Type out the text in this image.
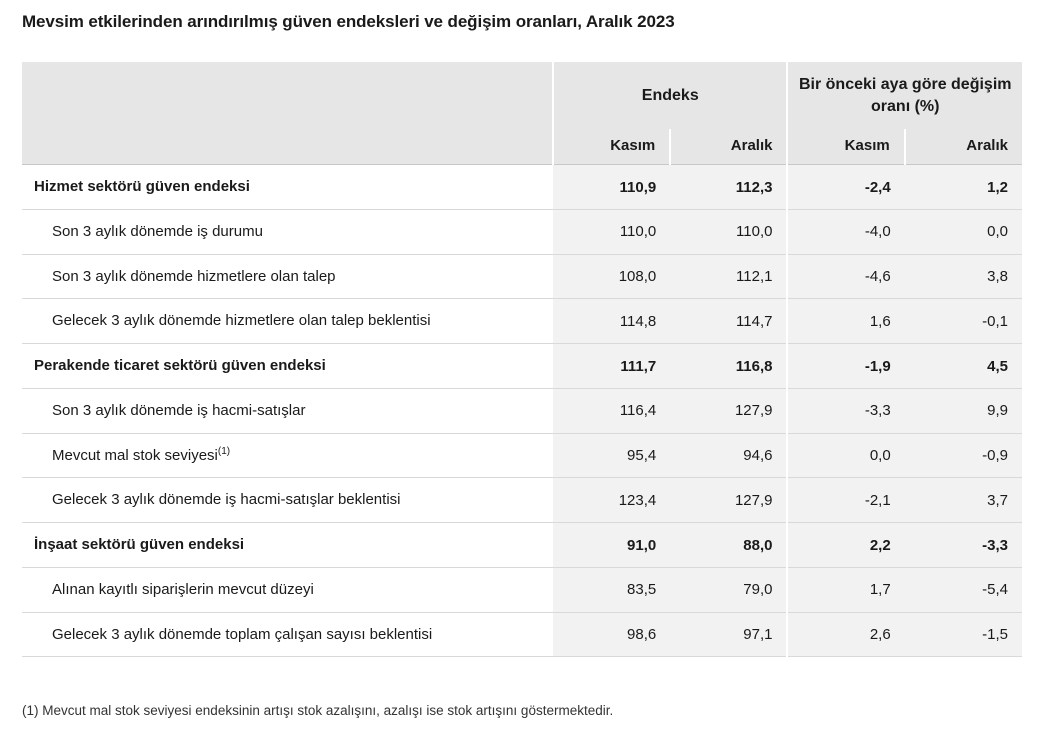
Mevsim etkilerinden arındırılmış güven endeksleri ve değişim oranları, Aralık 2023
	Endeks		Bir önceki aya göre değişim oranı (%)	
	Kasım	Aralık	Kasım	Aralık
Hizmet sektörü güven endeksi	110,9	112,3	-2,4	1,2
Son 3 aylık dönemde iş durumu	110,0	110,0	-4,0	0,0
Son 3 aylık dönemde hizmetlere olan talep	108,0	112,1	-4,6	3,8
Gelecek 3 aylık dönemde hizmetlere olan talep beklentisi	114,8	114,7	1,6	-0,1
Perakende ticaret sektörü güven endeksi	111,7	116,8	-1,9	4,5
Son 3 aylık dönemde iş hacmi-satışlar	116,4	127,9	-3,3	9,9
Mevcut mal stok seviyesi$^{(1)}$	95,4	94,6	0,0	-0,9
Gelecek 3 aylık dönemde iş hacmi-satışlar beklentisi	123,4	127,9	-2,1	3,7
İnşaat sektörü güven endeksi	91,0	88,0	2,2	-3,3
Alınan kayıtlı siparişlerin mevcut düzeyi	83,5	79,0	1,7	-5,4
Gelecek 3 aylık dönemde toplam çalışan sayısı beklentisi	98,6	97,1	2,6	-1,5
(1) Mevcut mal stok seviyesi endeksinin artışı stok azalışını, azalışı ise stok artışını göstermektedir.
